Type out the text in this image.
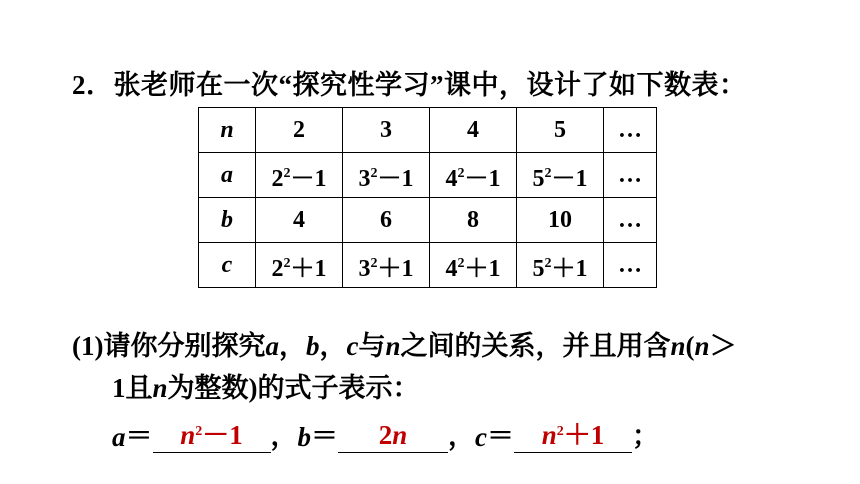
2．张老师在一次“探究性学习”课中，设计了如下数表：
n	2	3	4	5	…
a	$2^2-1$	$3^2-1$	$4^2-1$	$5^2-1$	…
b	4	6	8	10	…
c	$2^2+1$	$3^2+1$	$4^2+1$	$5^2+1$	…
(1)请你分别探究a，b，c与n之间的关系，并且用含n(n＞
1且n为整数)的式子表示：
a ＝	$n^2-1$	， b ＝	2n	， c ＝	$n^2+1$	；
